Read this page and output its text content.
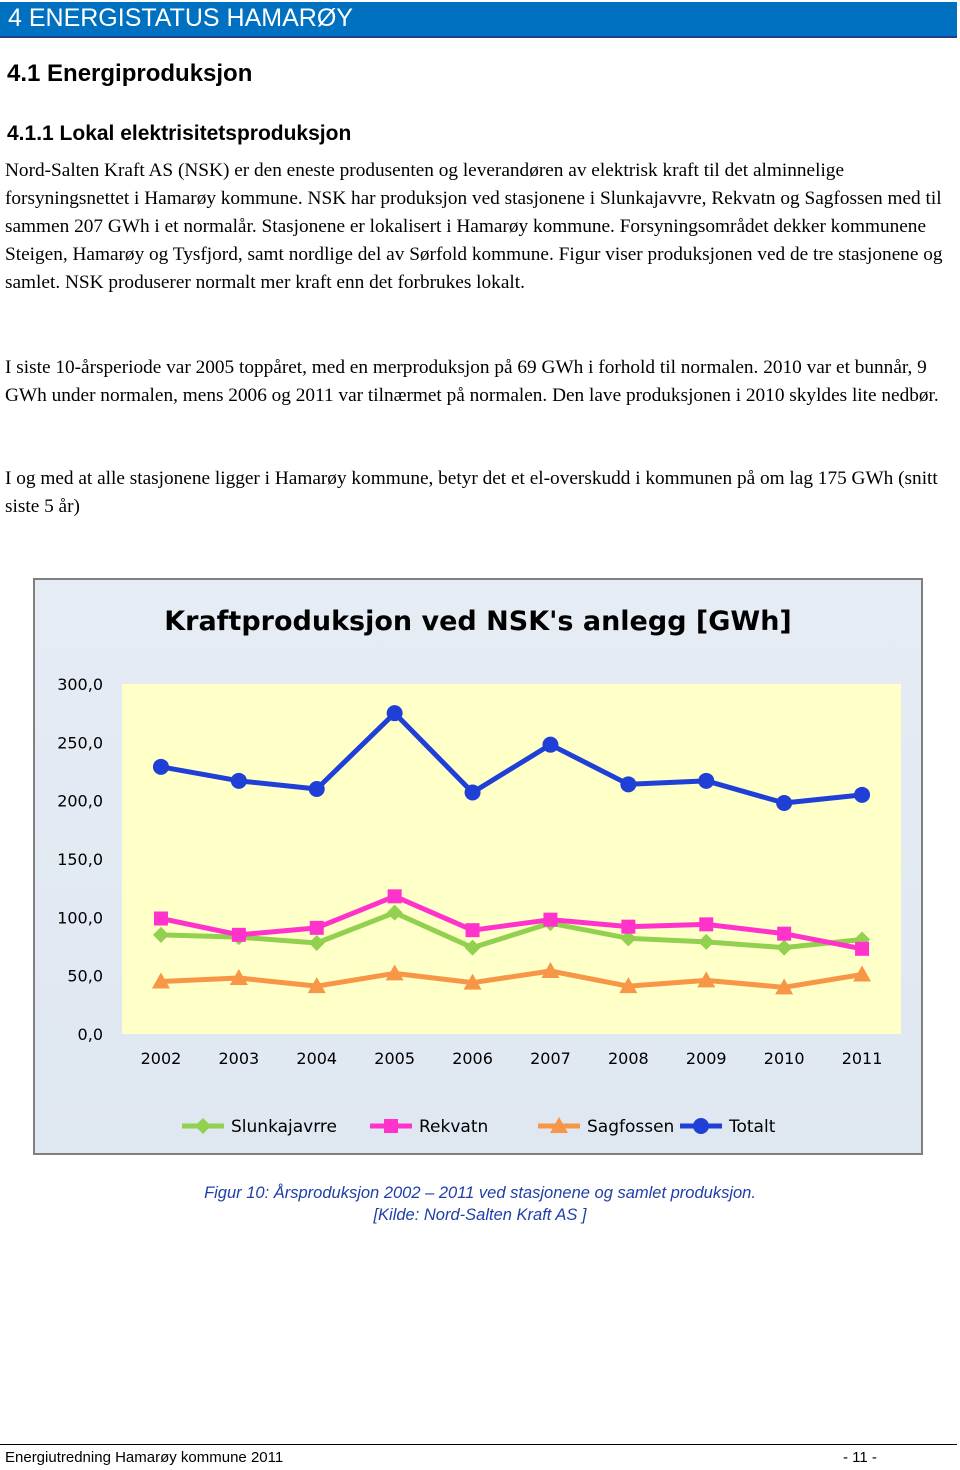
4 ENERGISTATUS HAMARØY
4.1 Energiproduksjon
4.1.1 Lokal elektrisitetsproduksjon

Nord-Salten Kraft AS (NSK) er den eneste produsenten og leverandøren av elektrisk kraft til det alminnelige forsyningsnettet i Hamarøy kommune. NSK har produksjon ved stasjonene i Slunkajavvre, Rekvatn og Sagfossen med til sammen 207 GWh i et normalår. Stasjonene er lokalisert i Hamarøy kommune. Forsyningsområdet dekker kommunene Steigen, Hamarøy og Tysfjord, samt nordlige del av Sørfold kommune. Figur viser produksjonen ved de tre stasjonene og samlet. NSK produserer normalt mer kraft enn det forbrukes lokalt.

I siste 10-årsperiode var 2005 toppåret, med en merproduksjon på 69 GWh i forhold til normalen. 2010 var et bunnår, 9 GWh under normalen, mens 2006 og 2011 var tilnærmet på normalen. Den lave produksjonen i 2010 skyldes lite nedbør.

I og med at alle stasjonene ligger i Hamarøy kommune, betyr det et el-overskudd i kommunen på om lag 175 GWh (snitt siste 5 år)

Kraftproduksjon ved NSK's anlegg [GWh]
0,0
50,0
100,0
150,0
200,0
250,0
300,0
2002 2003 2004 2005 2006 2007 2008 2009 2010 2011
Slunkajavrre	Rekvatn	Sagfossen	Totalt
Figur 10: Årsproduksjon 2002 – 2011 ved stasjonene og samlet produksjon.
[Kilde: Nord-Salten Kraft AS ]
Energiutredning Hamarøy kommune 2011	- 11 -
